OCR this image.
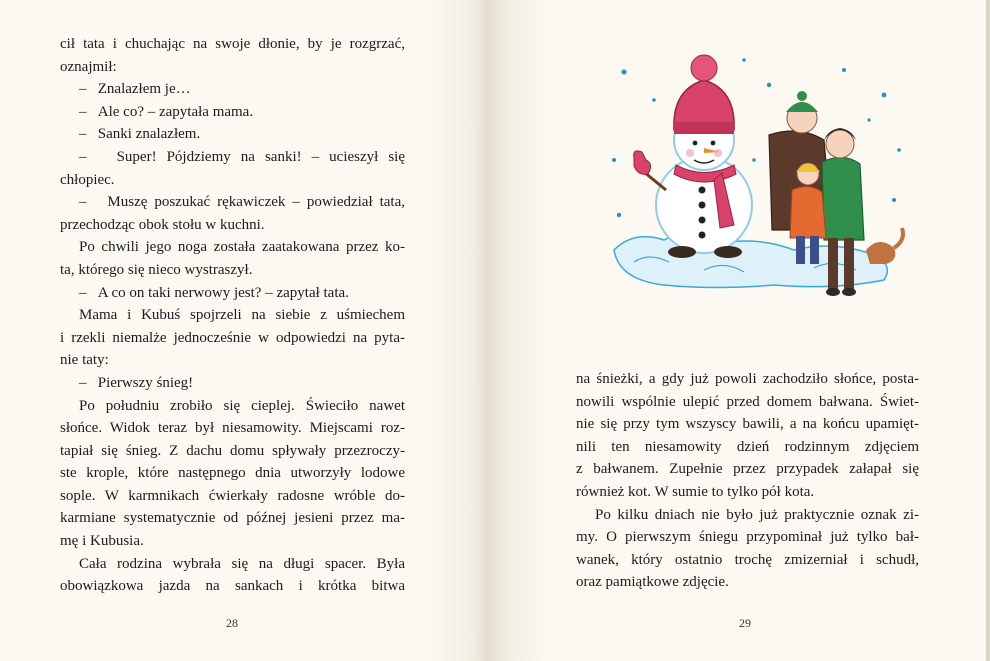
cił tata i chuchając na swoje dłonie, by je rozgrzać,

oznajmił:

–   Znalazłem je…

–   Ale co? – zapytała mama.

–   Sanki znalazłem.

–   Super! Pójdziemy na sanki! – ucieszył się

chłopiec.

–   Muszę poszukać rękawiczek – powiedział tata,

przechodząc obok stołu w kuchni.

Po chwili jego noga została zaatakowana przez ko-

ta, którego się nieco wystraszył.

–   A co on taki nerwowy jest? – zapytał tata.

Mama i Kubuś spojrzeli na siebie z uśmiechem

i rzekli niemalże jednocześnie w odpowiedzi na pyta-

nie taty:

–   Pierwszy śnieg!

Po południu zrobiło się cieplej. Świeciło nawet

słońce. Widok teraz był niesamowity. Miejscami roz-

tapiał się śnieg. Z dachu domu spływały przezroczy-

ste krople, które następnego dnia utworzyły lodowe

sople. W karmnikach ćwierkały radosne wróble do-

karmiane systematycznie od późnej jesieni przez ma-

mę i Kubusia.

Cała rodzina wybrała się na długi spacer. Była

obowiązkowa jazda na sankach i krótka bitwa

28

na śnieżki, a gdy już powoli zachodziło słońce, posta-

nowili wspólnie ulepić przed domem bałwana. Świet-

nie się przy tym wszyscy bawili, a na końcu upamięt-

nili ten niesamowity dzień rodzinnym zdjęciem

z bałwanem. Zupełnie przez przypadek załapał się

również kot. W sumie to tylko pół kota.

Po kilku dniach nie było już praktycznie oznak zi-

my. O pierwszym śniegu przypominał już tylko bał-

wanek, który ostatnio trochę zmizerniał i schudł,

oraz pamiątkowe zdjęcie.

29
